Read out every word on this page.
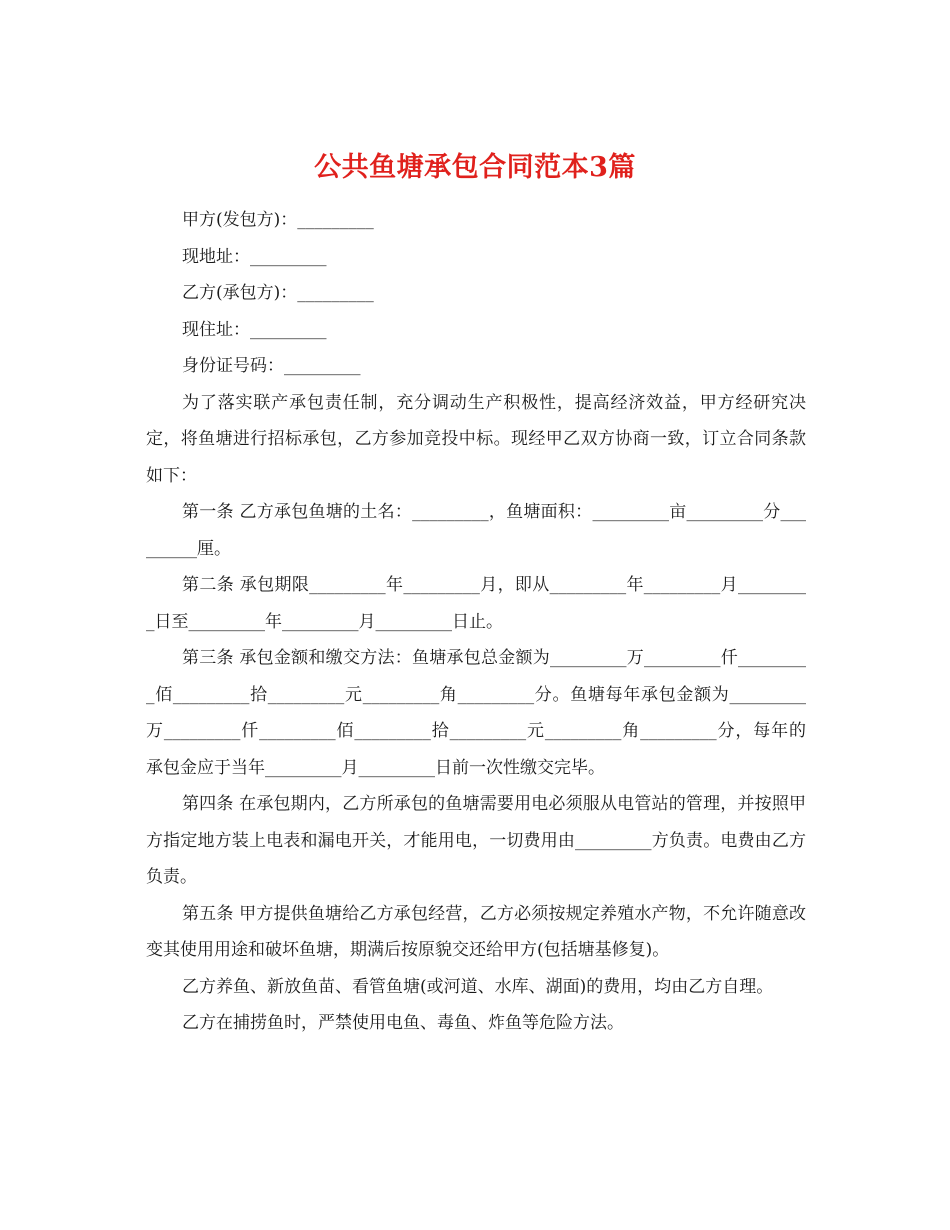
公共鱼塘承包合同范本3篇

甲方(发包方)：_________

现地址：_________

乙方(承包方)：_________

现住址：_________

身份证号码：_________

为了落实联产承包责任制，充分调动生产积极性，提高经济效益，甲方经研究决定，将鱼塘进行招标承包，乙方参加竞投中标。现经甲乙双方协商一致，订立合同条款如下：

第一条 乙方承包鱼塘的土名：_________，鱼塘面积：_________亩_________分_________厘。

第二条 承包期限_________年_________月，即从_________年_________月_________日至_________年_________月_________日止。

第三条 承包金额和缴交方法：鱼塘承包总金额为_________万_________仟_________佰_________拾_________元_________角_________分。鱼塘每年承包金额为_________万_________仟_________佰_________拾_________元_________角_________分，每年的承包金应于当年_________月_________日前一次性缴交完毕。

第四条 在承包期内，乙方所承包的鱼塘需要用电必须服从电管站的管理，并按照甲方指定地方装上电表和漏电开关，才能用电，一切费用由_________方负责。电费由乙方负责。

第五条 甲方提供鱼塘给乙方承包经营，乙方必须按规定养殖水产物，不允许随意改变其使用用途和破坏鱼塘，期满后按原貌交还给甲方(包括塘基修复)。

乙方养鱼、新放鱼苗、看管鱼塘(或河道、水库、湖面)的费用，均由乙方自理。

乙方在捕捞鱼时，严禁使用电鱼、毒鱼、炸鱼等危险方法。
